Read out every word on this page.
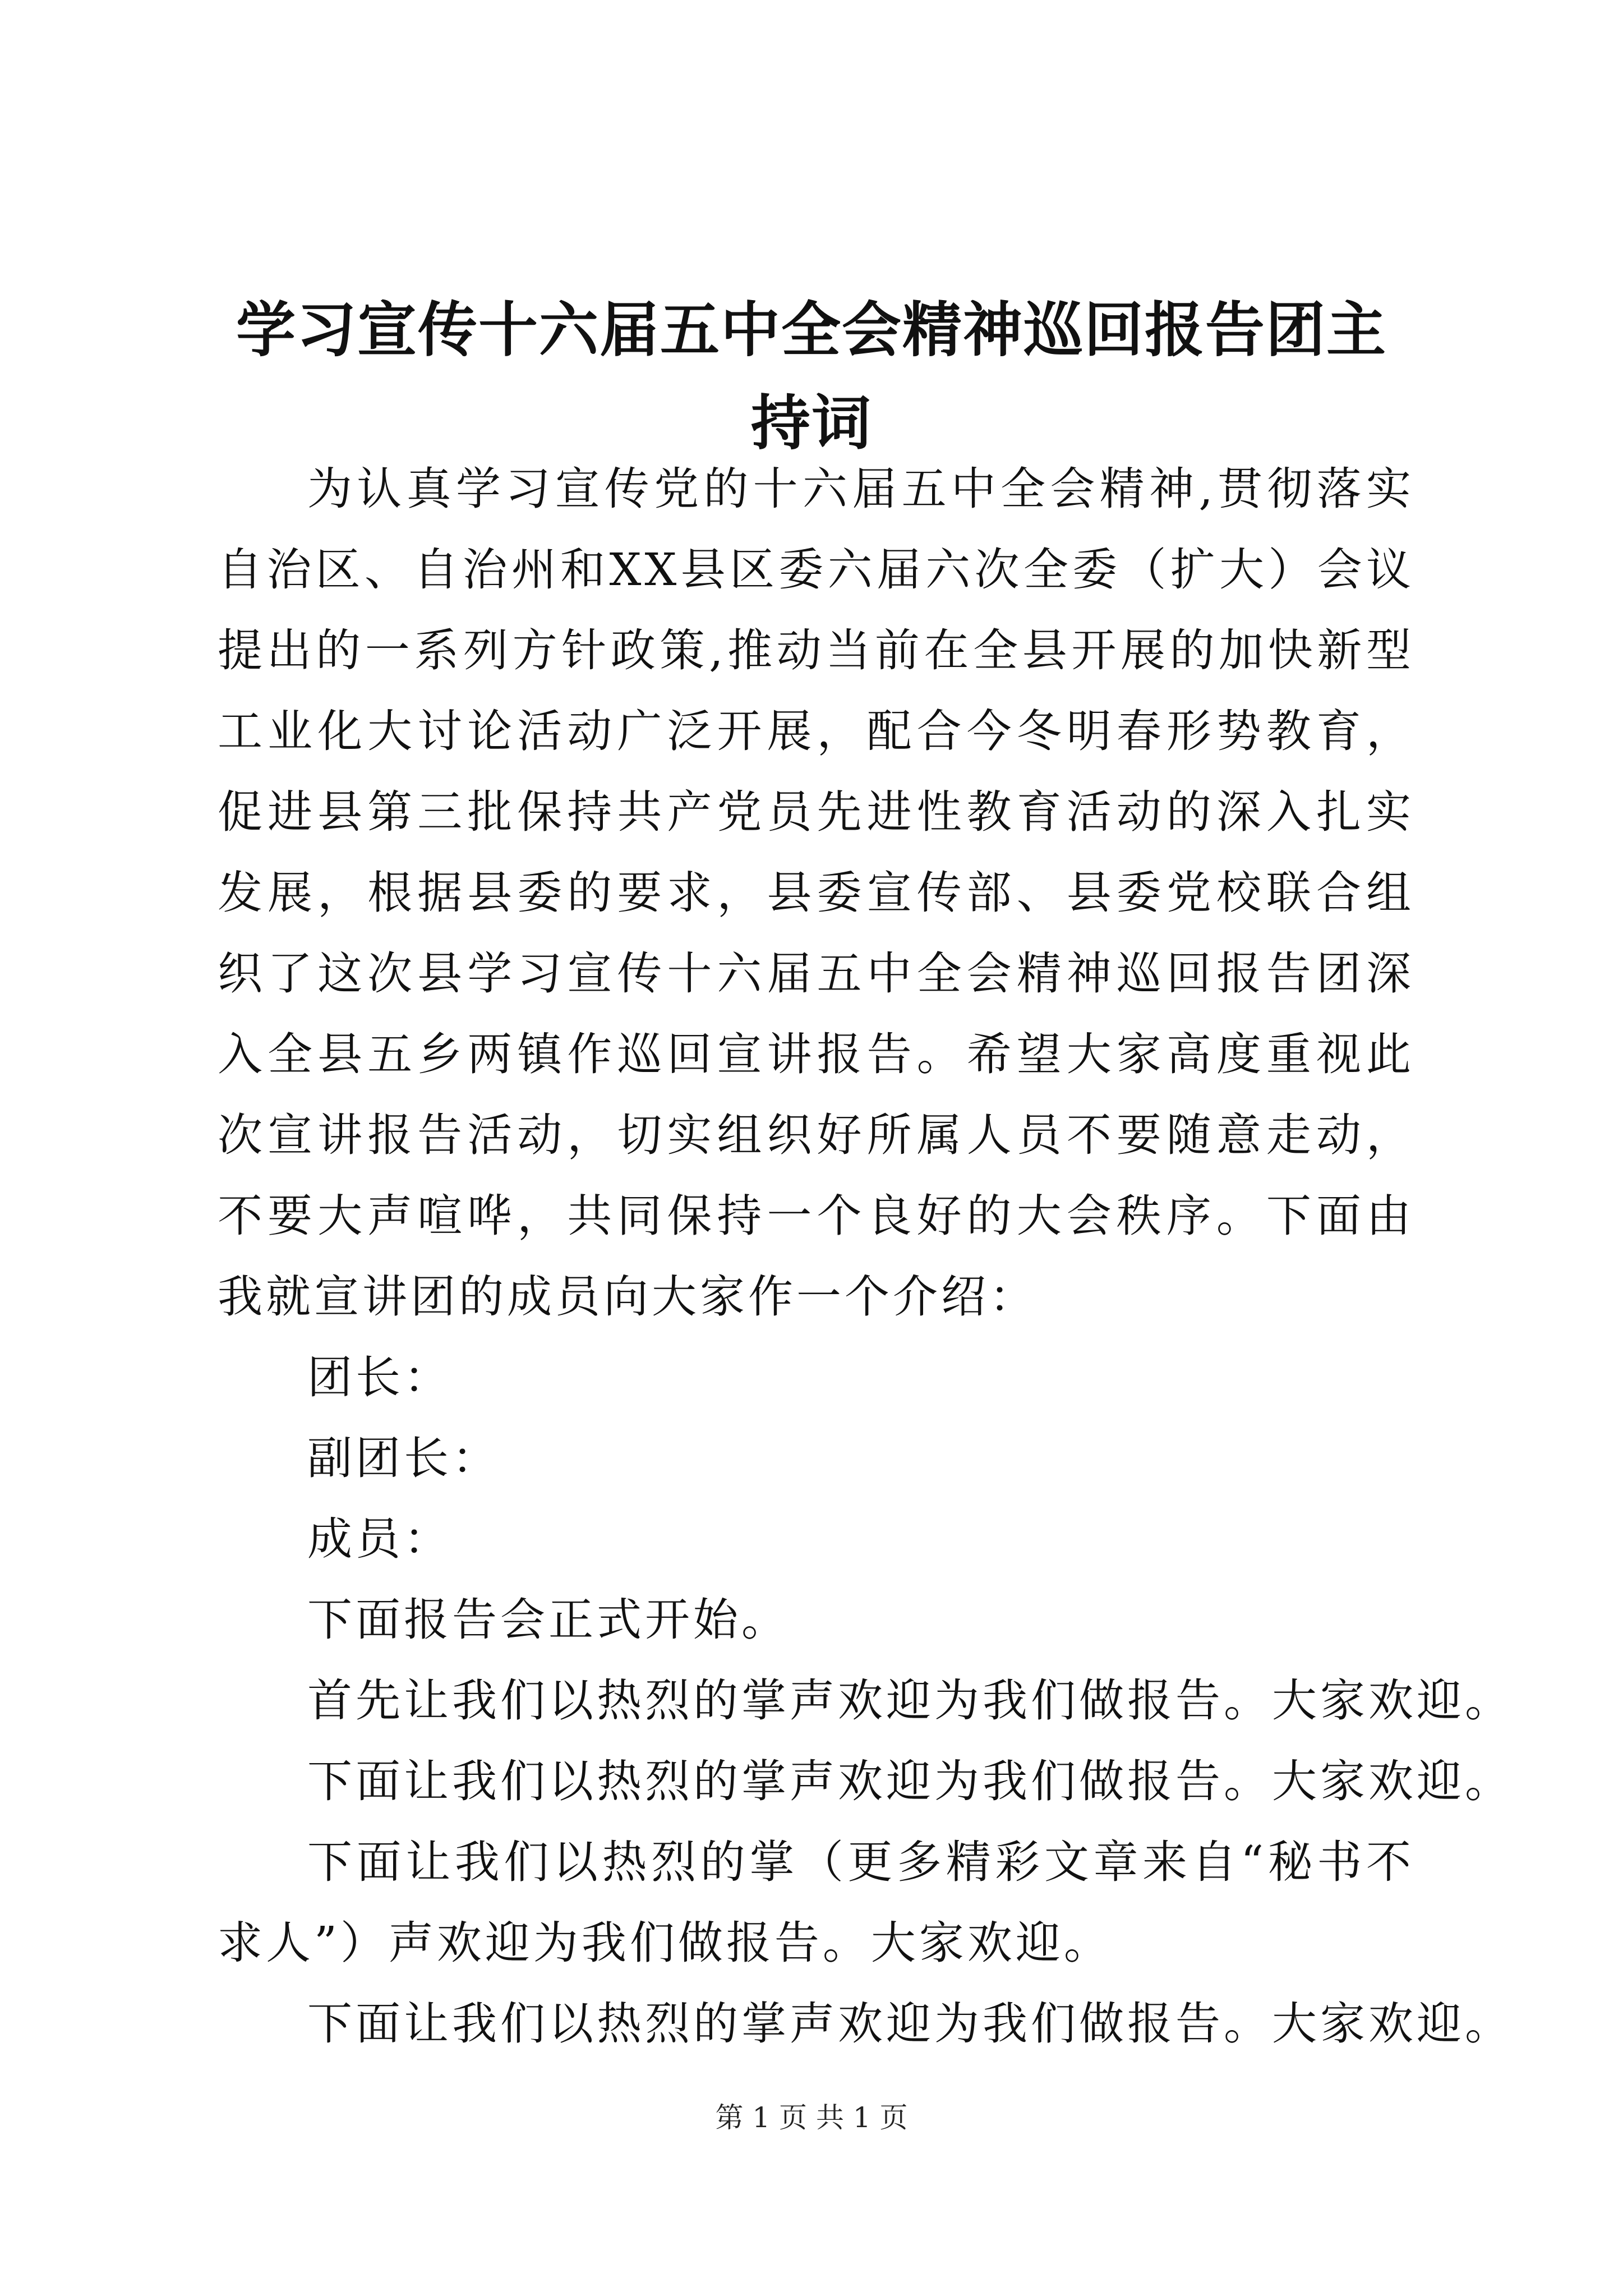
学习宣传十六届五中全会精神巡回报告团主持词

为认真学习宣传党的十六届五中全会精神,贯彻落实自治区、自治州和XX县区委六届六次全委（扩大）会议提出的一系列方针政策,推动当前在全县开展的加快新型工业化大讨论活动广泛开展，配合今冬明春形势教育，促进县第三批保持共产党员先进性教育活动的深入扎实发展，根据县委的要求，县委宣传部、县委党校联合组织了这次县学习宣传十六届五中全会精神巡回报告团深入全县五乡两镇作巡回宣讲报告。希望大家高度重视此次宣讲报告活动，切实组织好所属人员不要随意走动，不要大声喧哗，共同保持一个良好的大会秩序。下面由我就宣讲团的成员向大家作一个介绍：

团长：

副团长：

成员：

下面报告会正式开始。

首先让我们以热烈的掌声欢迎为我们做报告。大家欢迎。

下面让我们以热烈的掌声欢迎为我们做报告。大家欢迎。

下面让我们以热烈的掌（更多精彩文章来自“秘书不求人”）声欢迎为我们做报告。大家欢迎。

下面让我们以热烈的掌声欢迎为我们做报告。大家欢迎。

第 1 页 共 1 页
